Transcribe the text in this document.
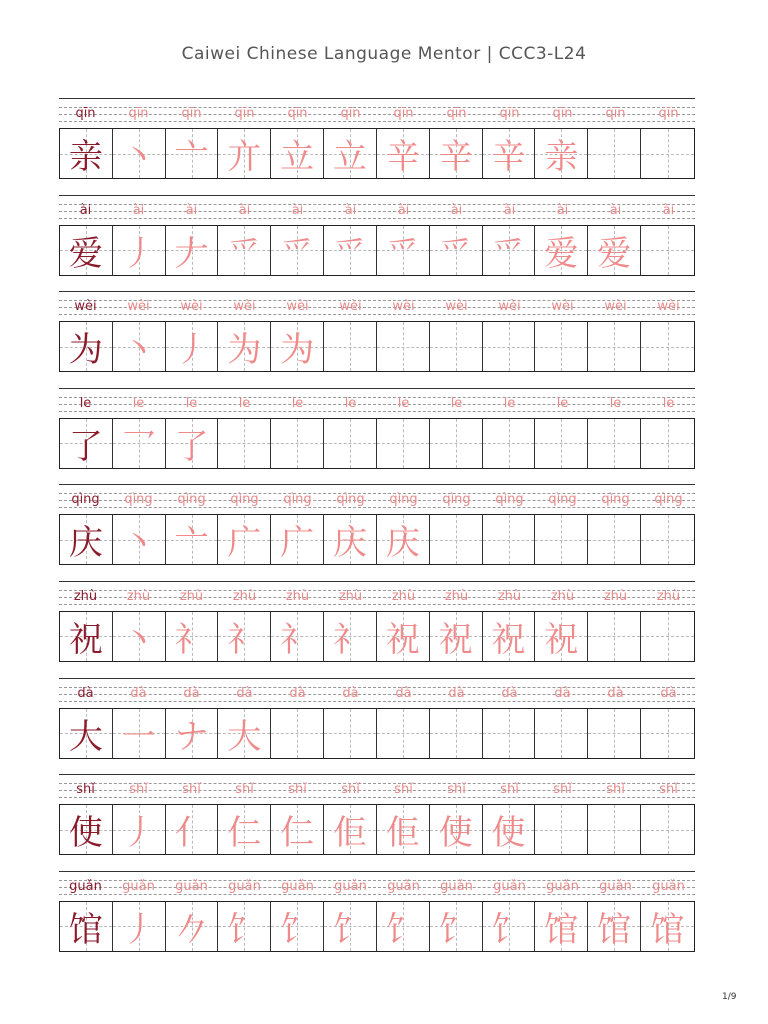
Caiwei Chinese Language Mentor | CCC3-L24
qīn	qīn	qīn	qīn	qīn	qīn	qīn	qīn	qīn	qīn	qīn	qīn
亲 丶 亠 亣 立 立 辛 辛 辛 亲
ài	ài	ài	ài	ài	ài	ài	ài	ài	ài	ài	ài
爱 丿 𠂇 爫 爫 爫 爫 爫 爫 爱 爱
wèi	wèi	wèi	wèi	wèi	wèi	wèi	wèi	wèi	wèi	wèi	wèi
为 丶 丿 为 为
le	le	le	le	le	le	le	le	le	le	le	le
了 乛 了
qìng	qìng	qìng	qìng	qìng	qìng	qìng	qìng	qìng	qìng	qìng	qìng
庆 丶 亠 广 广 庆 庆
zhù	zhù	zhù	zhù	zhù	zhù	zhù	zhù	zhù	zhù	zhù	zhù
祝 丶 礻 礻 礻 礻 祝 祝 祝 祝
dà	dà	dà	dà	dà	dà	dà	dà	dà	dà	dà	dà
大 一 ナ 大
shǐ	shǐ	shǐ	shǐ	shǐ	shǐ	shǐ	shǐ	shǐ	shǐ	shǐ	shǐ
使 丿 亻 仁 仁 佢 佢 使 使
guǎn	guǎn	guǎn	guǎn	guǎn	guǎn	guǎn	guǎn	guǎn	guǎn	guǎn	guǎn
馆 丿 𠂊 饣 饣 饣 饣 饣 饣 馆 馆 馆
1/9
